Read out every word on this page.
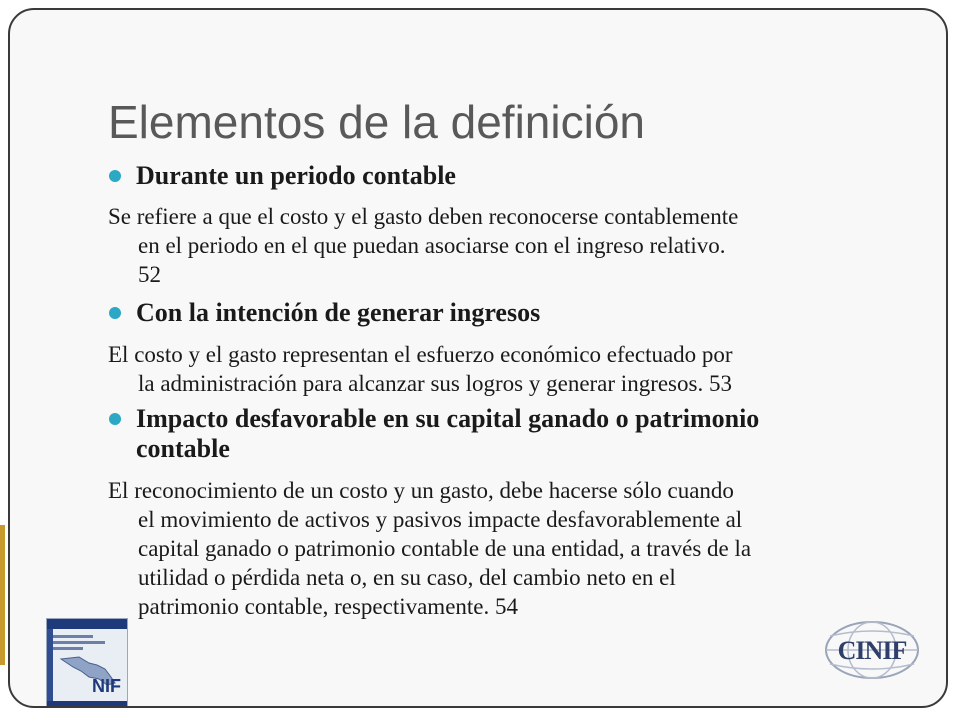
Elementos de la definición
Durante un periodo contable
Se refiere a que el costo y el gasto deben reconocerse contablemente
en el periodo en el que puedan asociarse con el ingreso relativo.
52
Con la intención de generar ingresos
El costo y el gasto representan el esfuerzo económico efectuado por
la administración para alcanzar sus logros y generar ingresos. 53
Impacto desfavorable en su capital ganado o patrimonio
contable
El reconocimiento de un costo y un gasto, debe hacerse sólo cuando
el movimiento de activos y pasivos impacte desfavorablemente al
capital ganado o patrimonio contable de una entidad, a través de la
utilidad o pérdida neta o, en su caso, del cambio neto en el
patrimonio contable, respectivamente. 54
NIF
CINIF
